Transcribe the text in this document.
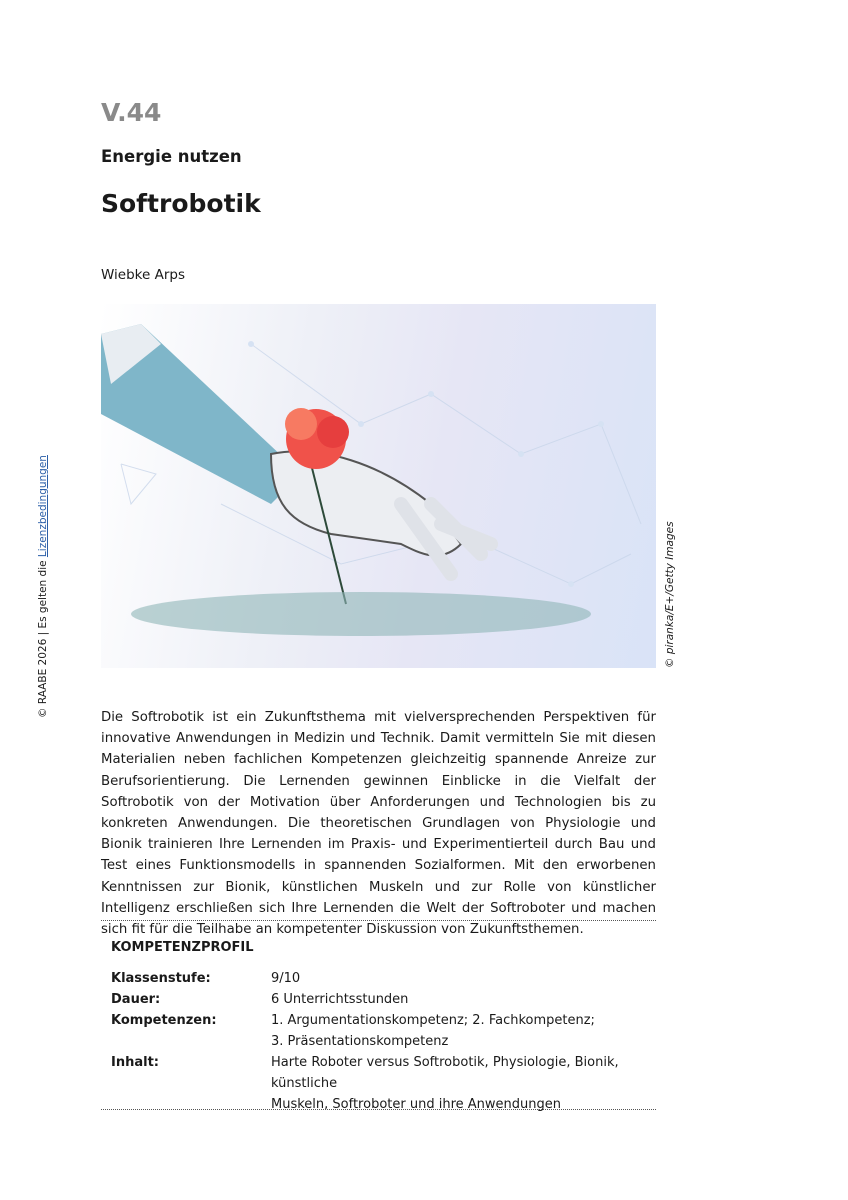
V.44
Energie nutzen
Softrobotik
Wiebke Arps
© piranka/E+/Getty Images
© RAABE 2026 | Es gelten die Lizenzbedingungen

Die Softrobotik ist ein Zukunftsthema mit vielversprechenden Perspektiven für innovative Anwendungen in Medizin und Technik. Damit vermitteln Sie mit diesen Materialien neben fachlichen Kompetenzen gleichzeitig spannende Anreize zur Berufsorientierung. Die Lernenden gewinnen Einblicke in die Vielfalt der Softrobotik von der Motivation über Anforderungen und Technologien bis zu konkreten Anwendungen. Die theoretischen Grundlagen von Physiologie und Bionik trainieren Ihre Lernenden im Praxis- und Experimentierteil durch Bau und Test eines Funktionsmodells in spannenden Sozialformen. Mit den erworbenen Kenntnissen zur Bionik, künstlichen Muskeln und zur Rolle von künstlicher Intelligenz erschließen sich Ihre Lernenden die Welt der Softroboter und machen sich fit für die Teilhabe an kompetenter Diskussion von Zukunftsthemen.

KOMPETENZPROFIL
Klassenstufe:	9/10
Dauer:	6 Unterrichtsstunden
Kompetenzen:	1. Argumentationskompetenz; 2. Fachkompetenz;
3. Präsentationskompetenz
Inhalt:	Harte Roboter versus Softrobotik, Physiologie, Bionik, künstliche
Muskeln, Softroboter und ihre Anwendungen
